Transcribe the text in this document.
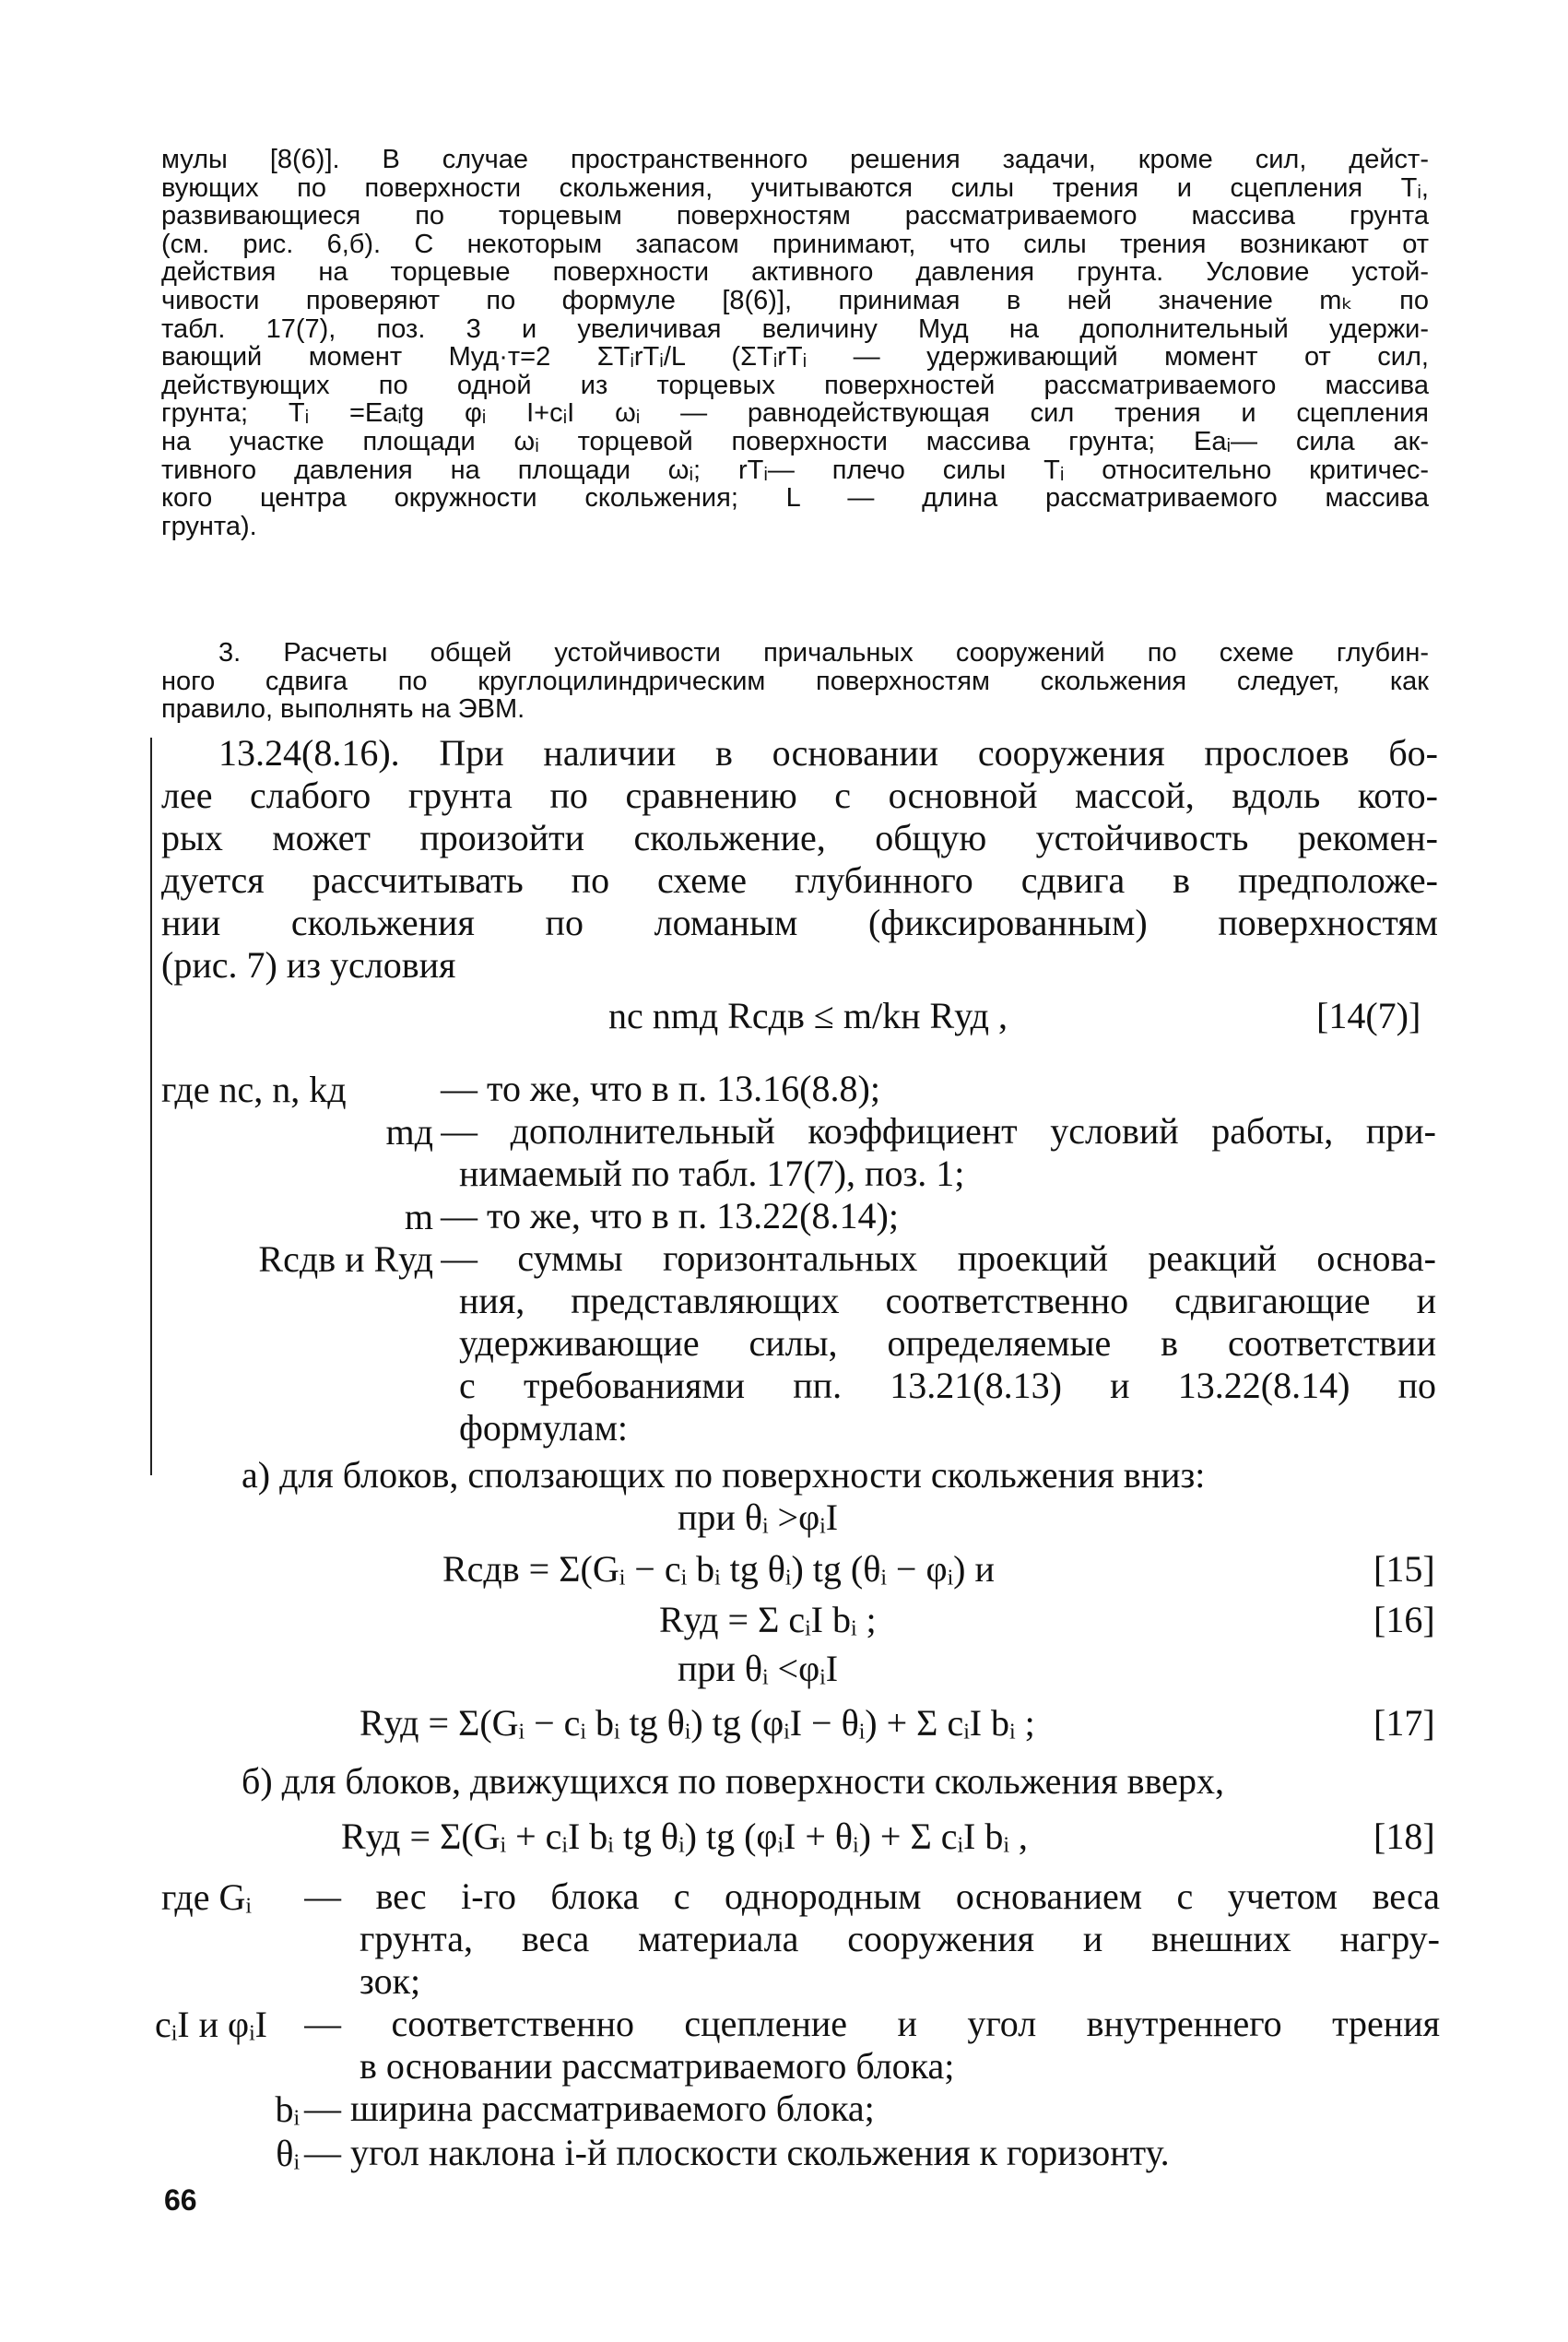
мулы [8(6)]. В случае пространственного решения задачи, кроме сил, дейст-
вующих по поверхности скольжения, учитываются силы трения и сцепления Tᵢ,
развивающиеся по торцевым поверхностям рассматриваемого массива грунта
(см. рис. 6,б). С некоторым запасом принимают, что силы трения возникают от
действия на торцевые поверхности активного давления грунта. Условие устой-
чивости проверяют по формуле [8(6)], принимая в ней значение mₖ по
табл. 17(7), поз. 3 и увеличивая величину Mуд на дополнительный удержи-
вающий момент Mуд·т=2 ΣTᵢrTᵢ/L (ΣTᵢrTᵢ — удерживающий момент от сил,
действующих по одной из торцевых поверхностей рассматриваемого массива
грунта; Tᵢ =Eaᵢtg φᵢ I+cᵢI ωᵢ — равнодействующая сил трения и сцепления
на участке площади ωᵢ торцевой поверхности массива грунта; Eaᵢ— сила ак-
тивного давления на площади ωᵢ; rTᵢ— плечо силы Tᵢ относительно критичес-
кого центра окружности скольжения; L — длина рассматриваемого массива
грунта).
3. Расчеты общей устойчивости причальных сооружений по схеме глубин-
ного сдвига по круглоцилиндрическим поверхностям скольжения следует, как
правило, выполнять на ЭВМ.
13.24(8.16). При наличии в основании сооружения прослоев бо-
лее слабого грунта по сравнению с основной массой, вдоль кото-
рых может произойти скольжение, общую устойчивость рекомен-
дуется рассчитывать по схеме глубинного сдвига в предположе-
нии скольжения по ломаным (фиксированным) поверхностям
(рис. 7) из условия
nc nmд Rсдв ≤ m/kн Rуд ,	[14(7)]
где nc, n, kд	— то же, что в п. 13.16(8.8);
mд — дополнительный коэффициент условий работы, при-
нимаемый по табл. 17(7), поз. 1;
m — то же, что в п. 13.22(8.14);
Rсдв и Rуд — суммы горизонтальных проекций реакций основа-
ния, представляющих соответственно сдвигающие и
удерживающие силы, определяемые в соответствии
с требованиями пп. 13.21(8.13) и 13.22(8.14) по
формулам:
а) для блоков, сползающих по поверхности скольжения вниз:
при θᵢ >φᵢI
Rсдв = Σ(Gᵢ − cᵢ bᵢ tg θᵢ) tg (θᵢ − φᵢ) и	[15]
Rуд = Σ cᵢI bᵢ ;	[16]
при θᵢ <φᵢI
Rуд = Σ(Gᵢ − cᵢ bᵢ tg θᵢ) tg (φᵢI − θᵢ) + Σ cᵢI bᵢ ;	[17]
б) для блоков, движущихся по поверхности скольжения вверх,
Rуд = Σ(Gᵢ + cᵢI bᵢ tg θᵢ) tg (φᵢI + θᵢ) + Σ cᵢI bᵢ ,	[18]
где Gᵢ	— вес i-го блока с однородным основанием с учетом веса
грунта, веса материала сооружения и внешних нагру-
зок;
cᵢI и φᵢI	— соответственно сцепление и угол внутреннего трения
в основании рассматриваемого блока;
bᵢ — ширина рассматриваемого блока;
θᵢ — угол наклона i-й плоскости скольжения к горизонту.
66
